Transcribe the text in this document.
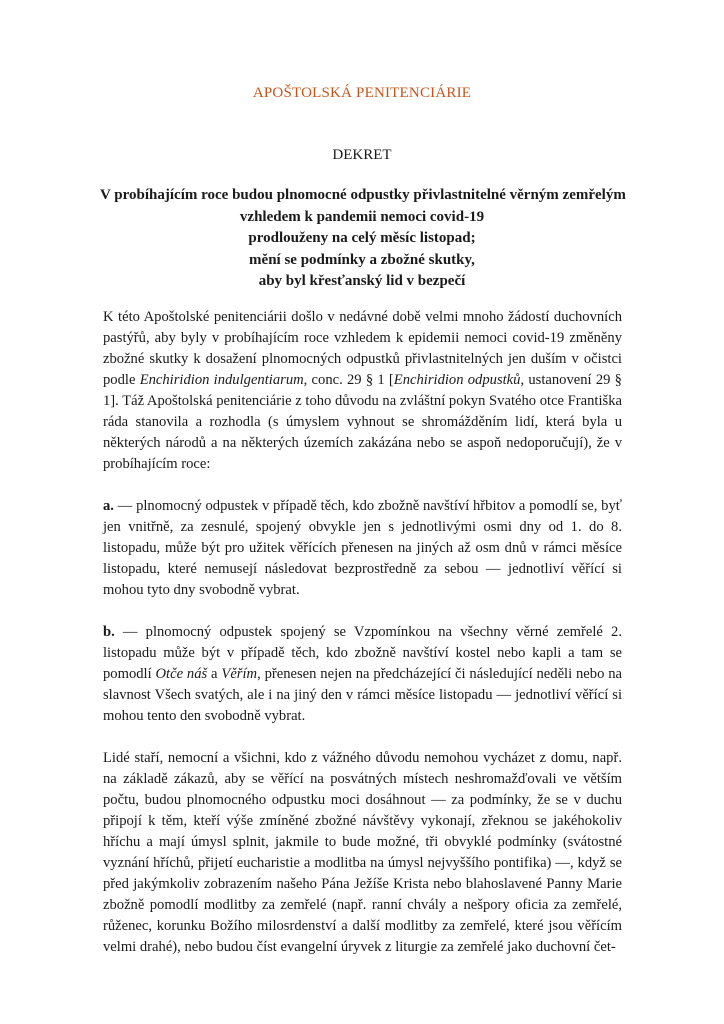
APOŠTOLSKÁ PENITENCIÁRIE
DEKRET
V probíhajícím roce budou plnomocné odpustky přivlastnitelné věrným zemřelým
vzhledem k pandemii nemoci covid-19
prodlouženy na celý měsíc listopad;
mění se podmínky a zbožné skutky,
aby byl křesťanský lid v bezpečí

K této Apoštolské penitenciárii došlo v nedávné době velmi mnoho žádostí duchovních pastýřů, aby byly v probíhajícím roce vzhledem k epidemii nemoci covid-19 změněny zbožné skutky k dosažení plnomocných odpustků přivlastnitelných jen duším v očistci podle Enchiridion indulgentiarum, conc. 29 § 1 [Enchiridion odpustků, ustanovení 29 § 1]. Táž Apoštolská penitenciárie z toho důvodu na zvláštní pokyn Svatého otce Františka ráda stanovila a rozhodla (s úmyslem vyhnout se shromážděním lidí, která byla u některých národů a na některých územích zakázána nebo se aspoň nedoporučují), že v probíhajícím roce:

a. — plnomocný odpustek v případě těch, kdo zbožně navštíví hřbitov a pomodlí se, byť jen vnitřně, za zesnulé, spojený obvykle jen s jednotlivými osmi dny od 1. do 8. listopadu, může být pro užitek věřících přenesen na jiných až osm dnů v rámci měsíce listopadu, které nemusejí následovat bezprostředně za sebou — jednotliví věřící si mohou tyto dny svobodně vybrat.

b. — plnomocný odpustek spojený se Vzpomínkou na všechny věrné zemřelé 2. listopadu může být v případě těch, kdo zbožně navštíví kostel nebo kapli a tam se pomodlí Otče náš a Věřím, přenesen nejen na předcházející či následující neděli nebo na slavnost Všech svatých, ale i na jiný den v rámci měsíce listopadu — jednotliví věřící si mohou tento den svobodně vybrat.

Lidé staří, nemocní a všichni, kdo z vážného důvodu nemohou vycházet z domu, např. na základě zákazů, aby se věřící na posvátných místech neshromažďovali ve větším počtu, budou plnomocného odpustku moci dosáhnout — za podmínky, že se v duchu připojí k těm, kteří výše zmíněné zbožné návštěvy vykonají, zřeknou se jakéhokoliv hříchu a mají úmysl splnit, jakmile to bude možné, tři obvyklé podmínky (svátostné vyznání hříchů, přijetí eucharistie a modlitba na úmysl nejvyššího pontifika) —, když se před jakýmkoliv zobrazením našeho Pána Ježíše Krista nebo blahoslavené Panny Marie zbožně pomodlí modlitby za zemřelé (např. ranní chvály a nešpory oficia za zemřelé, růženec, korunku Božího milosrdenství a další modlitby za zemřelé, které jsou věřícím velmi drahé), nebo budou číst evangelní úryvek z liturgie za zemřelé jako duchovní čet-
